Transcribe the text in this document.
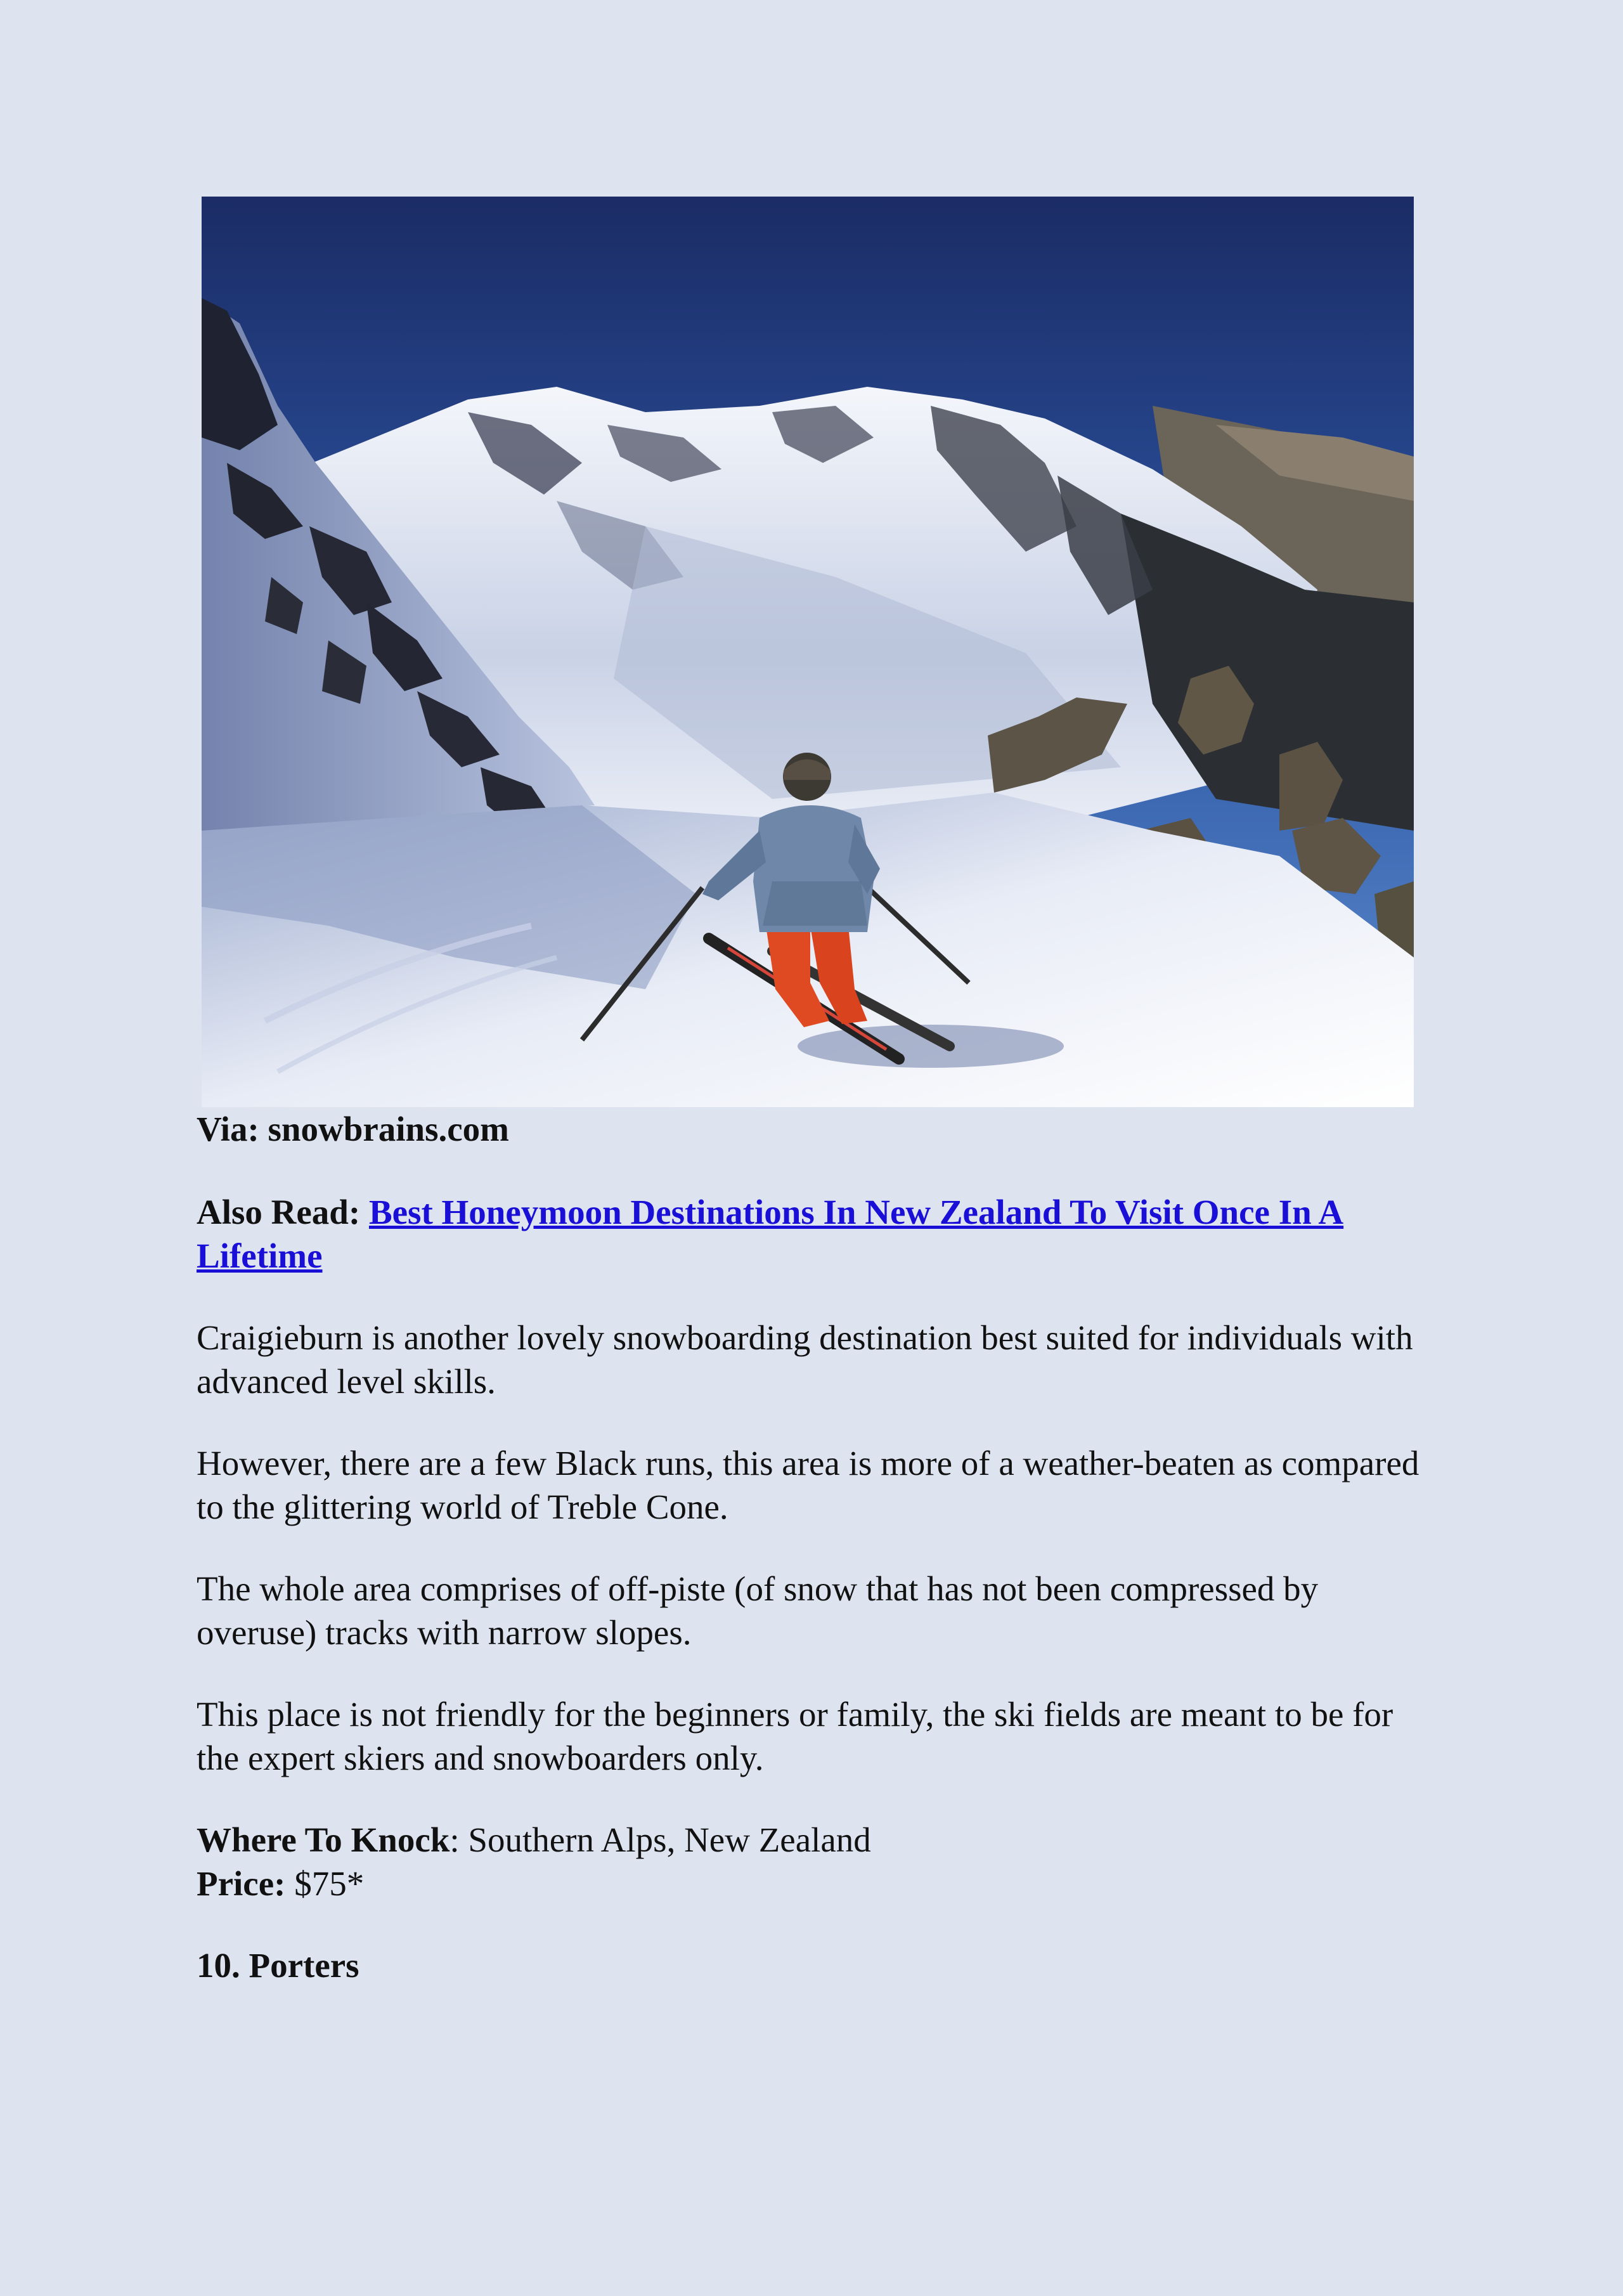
Via: snowbrains.com

Also Read: Best Honeymoon Destinations In New Zealand To Visit Once In A Lifetime

Craigieburn is another lovely snowboarding destination best suited for individuals with advanced level skills.

However, there are a few Black runs, this area is more of a weather-beaten as compared to the glittering world of Treble Cone.

The whole area comprises of off-piste (of snow that has not been compressed by overuse) tracks with narrow slopes.

This place is not friendly for the beginners or family, the ski fields are meant to be for the expert skiers and snowboarders only.

Where To Knock: Southern Alps, New Zealand

Price: $75*

10. Porters
